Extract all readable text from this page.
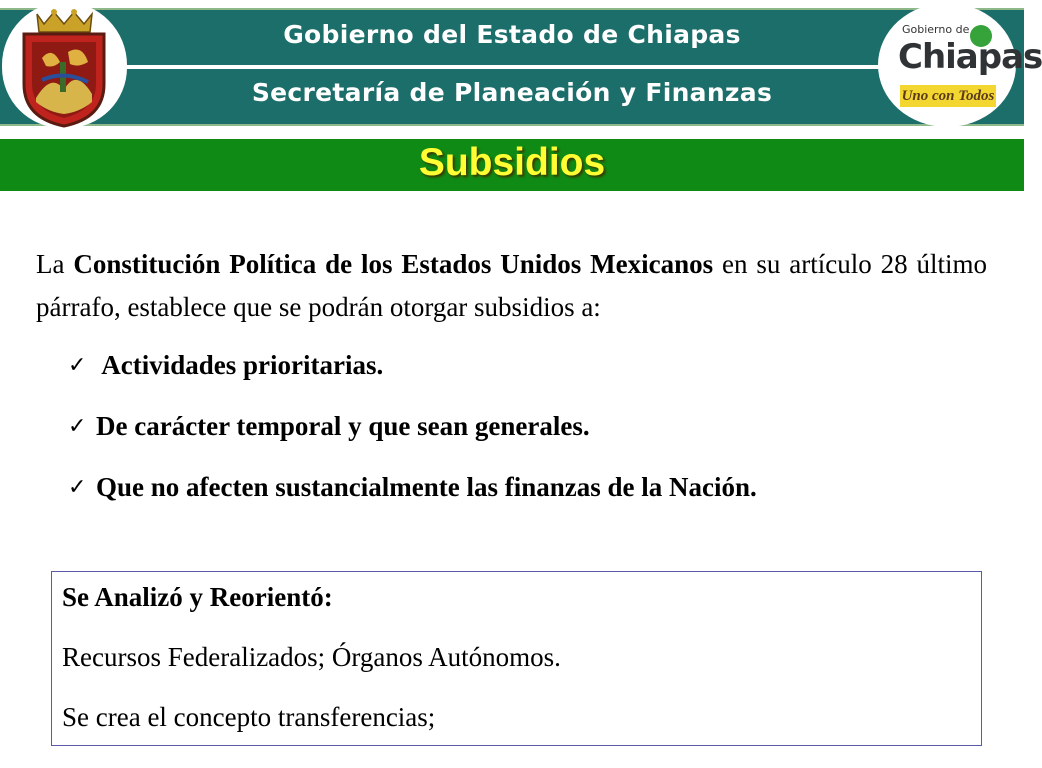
Gobierno del Estado de Chiapas
Secretaría de Planeación y Finanzas
Gobierno de
Chiapas
Uno con Todos
Subsidios
La Constitución Política de los Estados Unidos Mexicanos en su artículo 28 último párrafo, establece que se podrán otorgar subsidios a:
✓ Actividades prioritarias.
✓ De carácter temporal y que sean generales.
✓ Que no afecten sustancialmente las finanzas de la Nación.
Se Analizó y Reorientó:
Recursos Federalizados; Órganos Autónomos.
Se crea el concepto transferencias;
